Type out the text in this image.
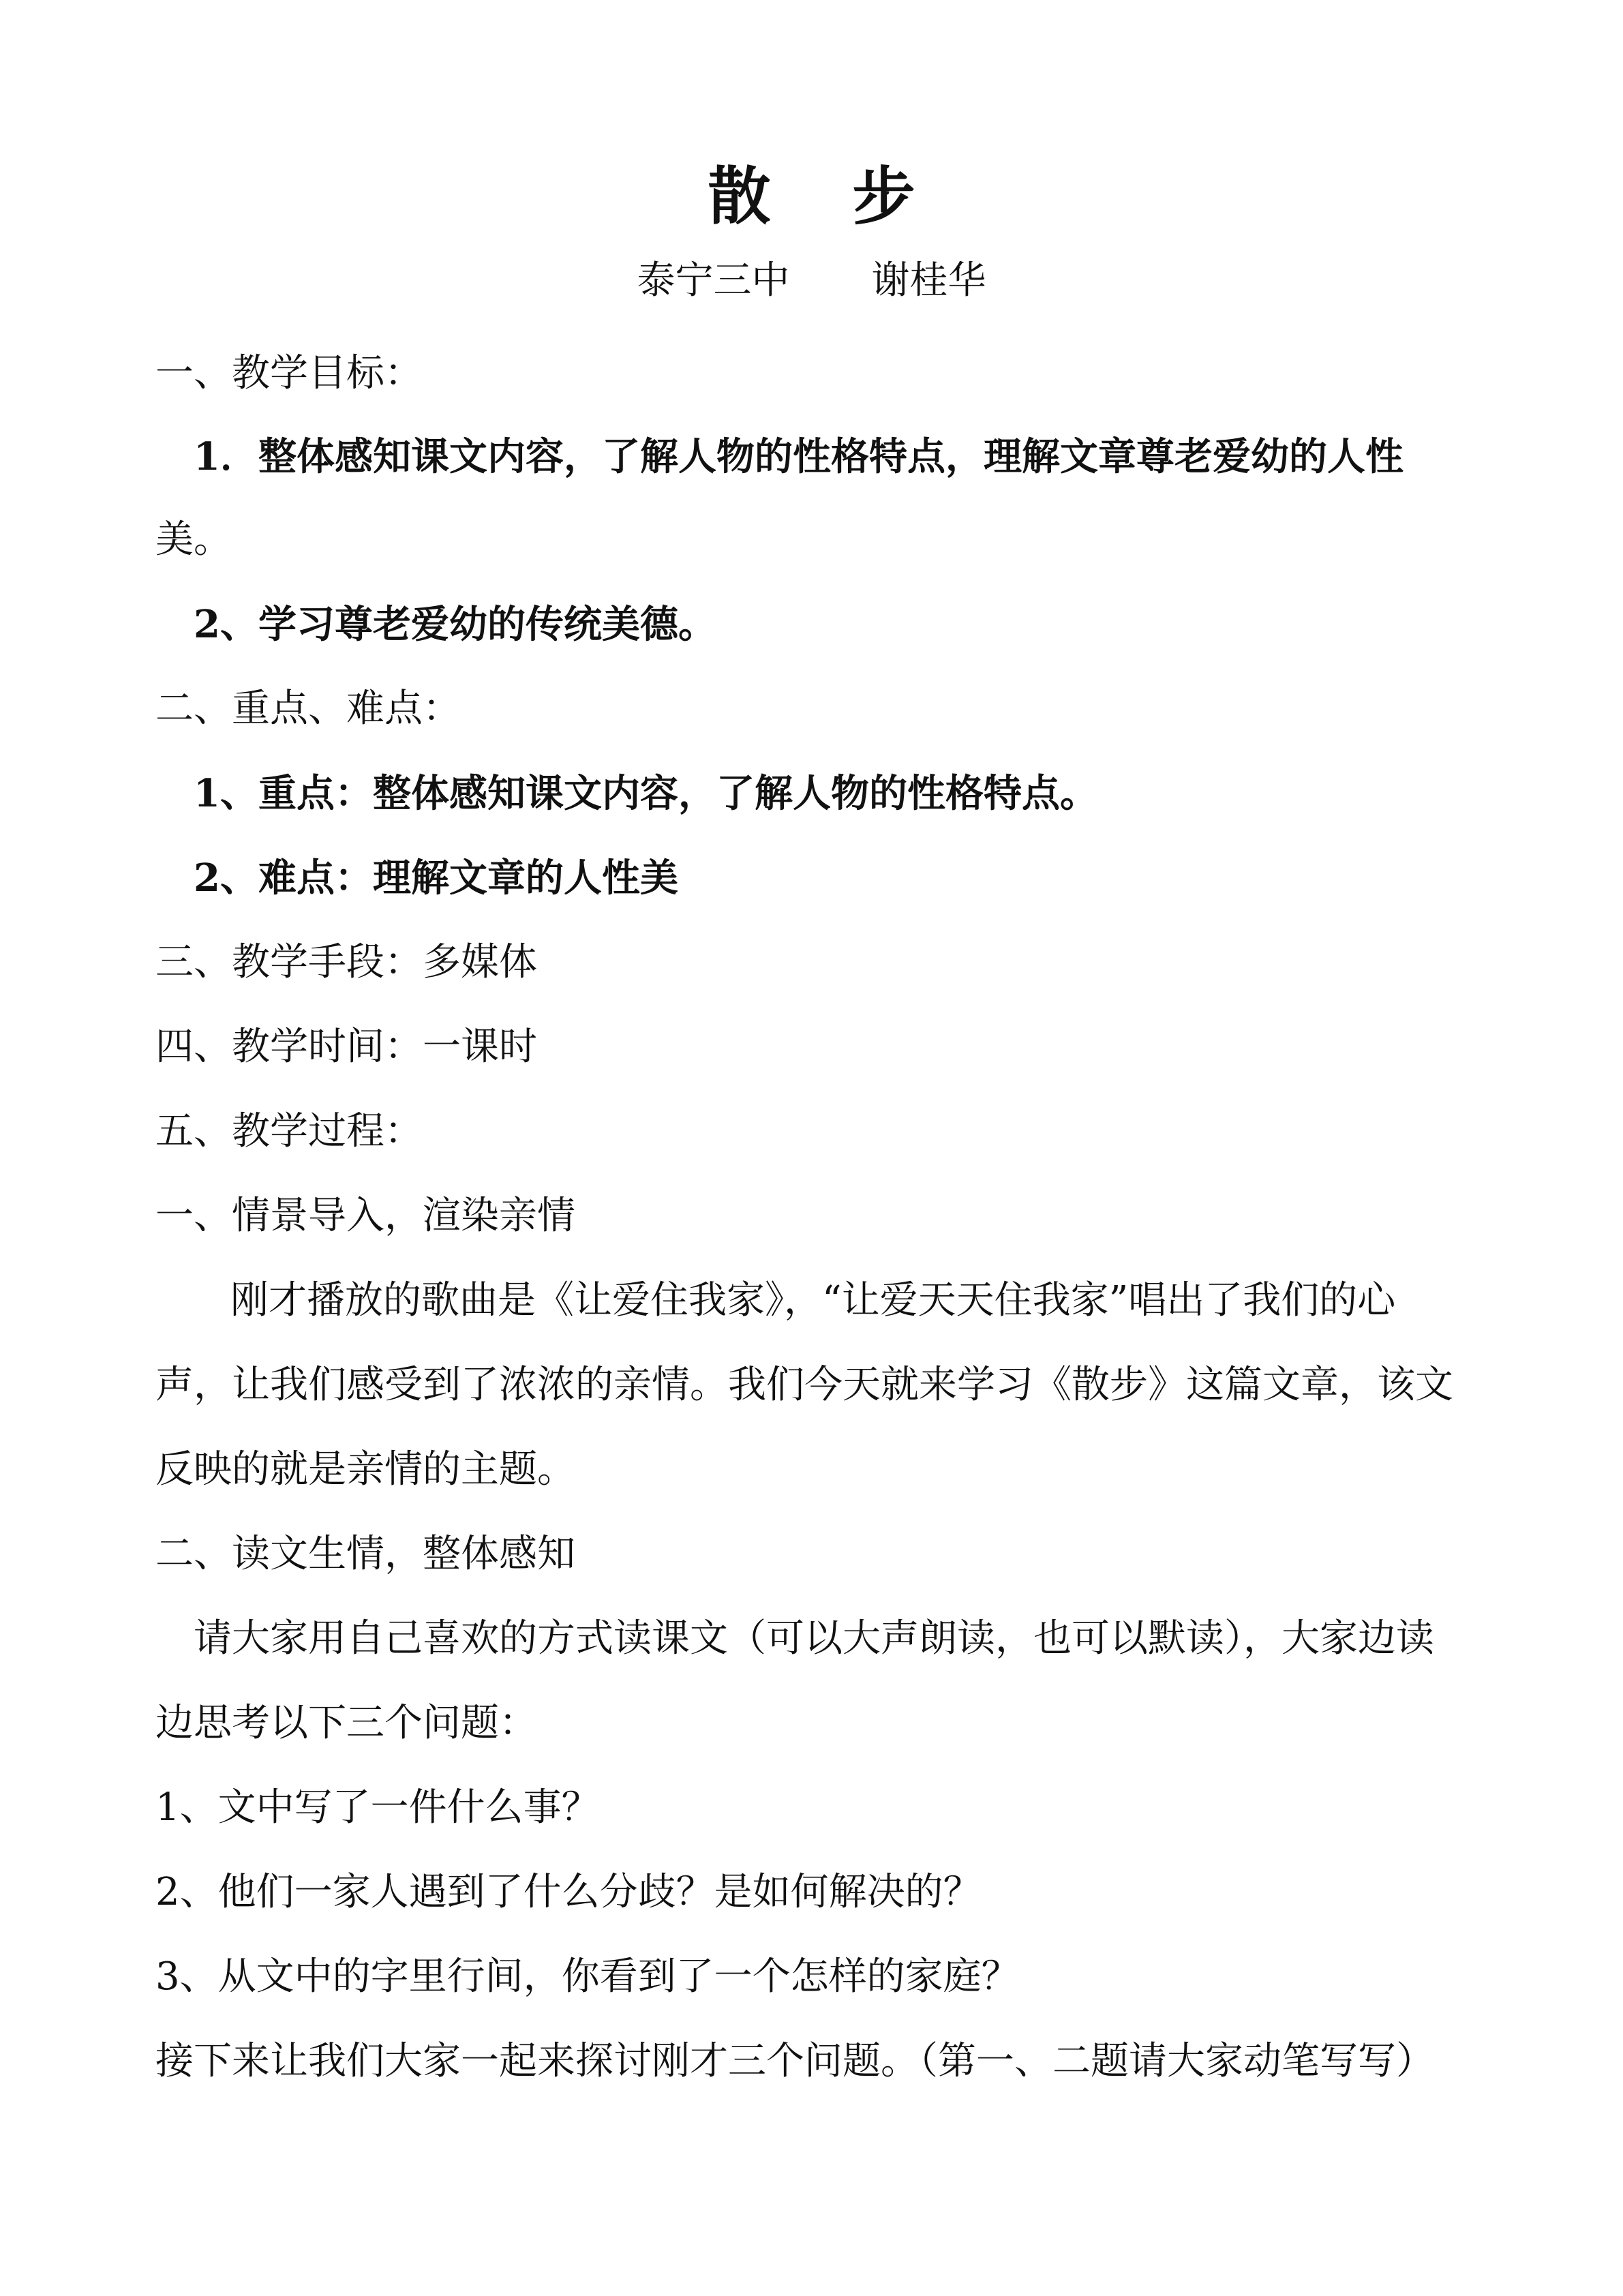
散步
泰宁三中 谢桂华
一、教学目标：
1．整体感知课文内容，了解人物的性格特点，理解文章尊老爱幼的人性
美。
2、学习尊老爱幼的传统美德。
二、重点、难点：
1、重点：整体感知课文内容，了解人物的性格特点。
2、难点：理解文章的人性美
三、教学手段：多媒体
四、教学时间：一课时
五、教学过程：
一、情景导入，渲染亲情
刚才播放的歌曲是《让爱住我家》，“让爱天天住我家”唱出了我们的心
声，让我们感受到了浓浓的亲情。我们今天就来学习《散步》这篇文章，该文
反映的就是亲情的主题。
二、读文生情，整体感知
请大家用自己喜欢的方式读课文（可以大声朗读，也可以默读），大家边读
边思考以下三个问题：
1、文中写了一件什么事？
2、他们一家人遇到了什么分歧？是如何解决的？
3、从文中的字里行间，你看到了一个怎样的家庭？
接下来让我们大家一起来探讨刚才三个问题。（第一、二题请大家动笔写写）
